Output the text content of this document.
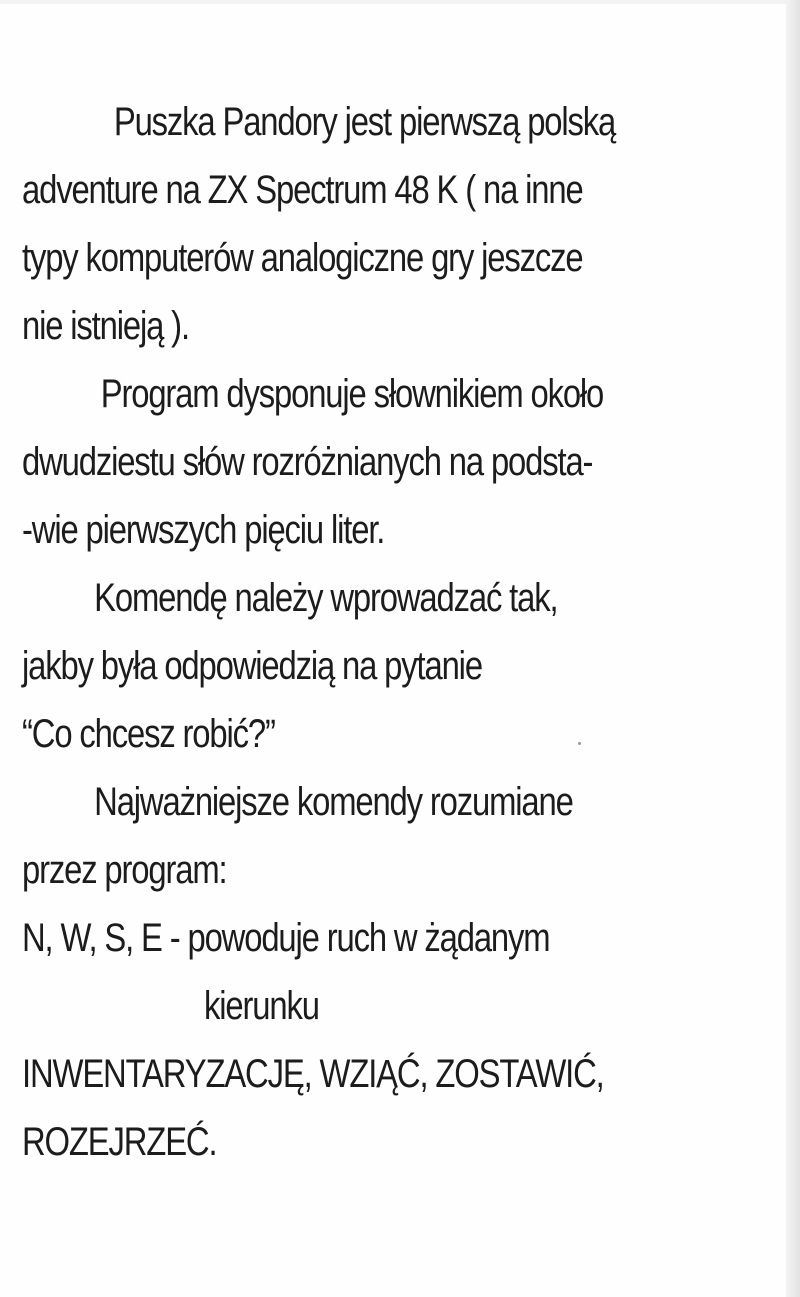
Puszka Pandory jest pierwszą polską
adventure na ZX Spectrum 48 K ( na inne
typy komputerów analogiczne gry jeszcze
nie istnieją ).
Program dysponuje słownikiem około
dwudziestu słów rozróżnianych na podsta-
-wie pierwszych pięciu liter.
Komendę należy wprowadzać tak,
jakby była odpowiedzią na pytanie
“Co chcesz robić?”
Najważniejsze komendy rozumiane
przez program:
N, W, S, E - powoduje ruch w żądanym
kierunku
INWENTARYZACJĘ, WZIĄĆ, ZOSTAWIĆ,
ROZEJRZEĆ.
